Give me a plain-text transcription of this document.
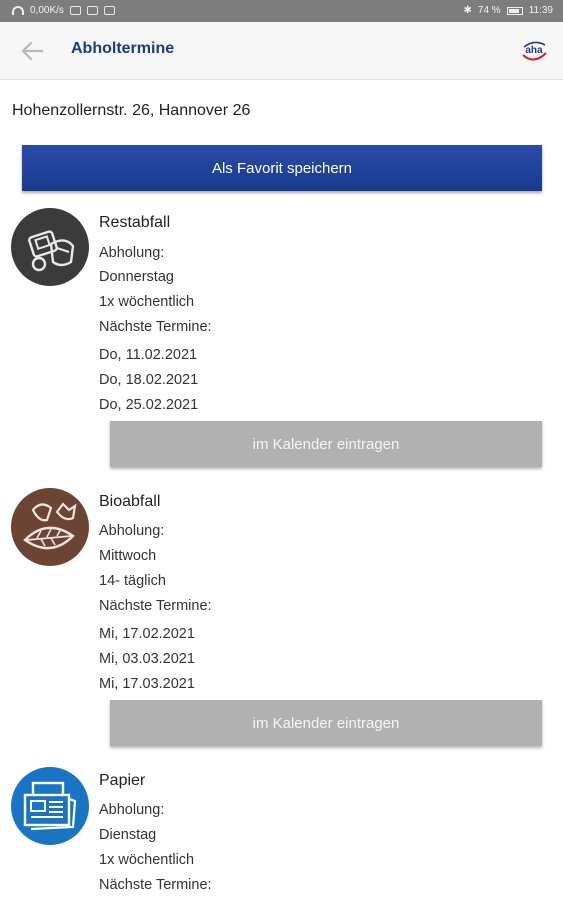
0,00K/s	✱ 74 %	11:39
Abholtermine	aha
Hohenzollernstr. 26, Hannover 26
Als Favorit speichern
Restabfall
Abholung:
Donnerstag
1x wöchentlich
Nächste Termine:
Do, 11.02.2021
Do, 18.02.2021
Do, 25.02.2021
im Kalender eintragen
Bioabfall
Abholung:
Mittwoch
14- täglich
Nächste Termine:
Mi, 17.02.2021
Mi, 03.03.2021
Mi, 17.03.2021
im Kalender eintragen
Papier
Abholung:
Dienstag
1x wöchentlich
Nächste Termine:
